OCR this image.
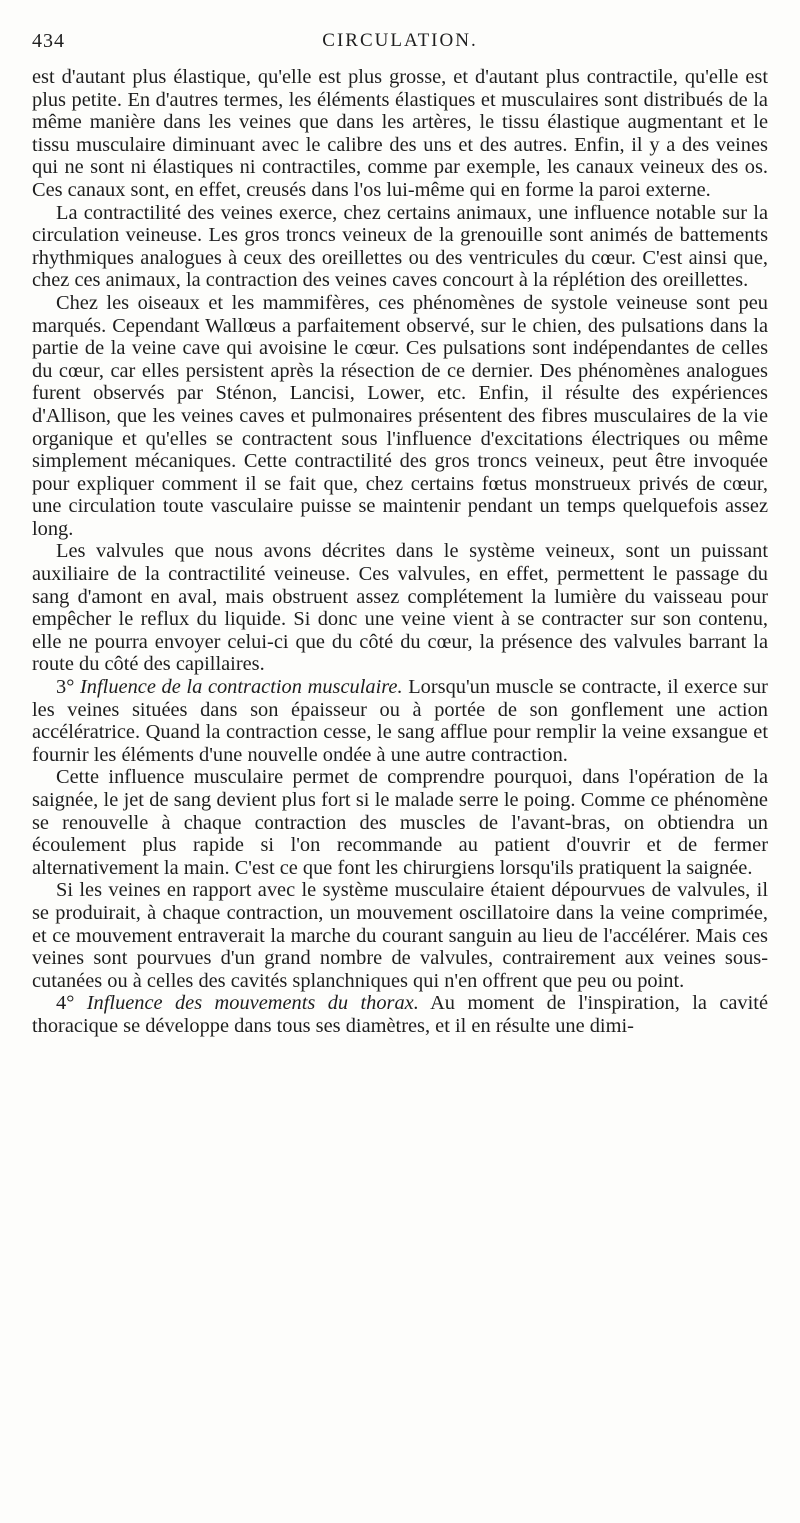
434	CIRCULATION.

est d'autant plus élastique, qu'elle est plus grosse, et d'autant plus contractile, qu'elle est plus petite. En d'autres termes, les éléments élastiques et musculaires sont distribués de la même manière dans les veines que dans les artères, le tissu élastique augmentant et le tissu musculaire diminuant avec le calibre des uns et des autres. Enfin, il y a des veines qui ne sont ni élastiques ni contractiles, comme par exemple, les canaux veineux des os. Ces canaux sont, en effet, creusés dans l'os lui-même qui en forme la paroi externe.

La contractilité des veines exerce, chez certains animaux, une influence notable sur la circulation veineuse. Les gros troncs veineux de la grenouille sont animés de battements rhythmiques analogues à ceux des oreillettes ou des ventricules du cœur. C'est ainsi que, chez ces animaux, la contraction des veines caves concourt à la réplétion des oreillettes.

Chez les oiseaux et les mammifères, ces phénomènes de systole veineuse sont peu marqués. Cependant Wallœus a parfaitement observé, sur le chien, des pulsations dans la partie de la veine cave qui avoisine le cœur. Ces pulsations sont indépendantes de celles du cœur, car elles persistent après la résection de ce dernier. Des phénomènes analogues furent observés par Sténon, Lancisi, Lower, etc. Enfin, il résulte des expériences d'Allison, que les veines caves et pulmonaires présentent des fibres musculaires de la vie organique et qu'elles se contractent sous l'influence d'excitations électriques ou même simplement mécaniques. Cette contractilité des gros troncs veineux, peut être invoquée pour expliquer comment il se fait que, chez certains fœtus monstrueux privés de cœur, une circulation toute vasculaire puisse se maintenir pendant un temps quelquefois assez long.

Les valvules que nous avons décrites dans le système veineux, sont un puissant auxiliaire de la contractilité veineuse. Ces valvules, en effet, permettent le passage du sang d'amont en aval, mais obstruent assez complétement la lumière du vaisseau pour empêcher le reflux du liquide. Si donc une veine vient à se contracter sur son contenu, elle ne pourra envoyer celui-ci que du côté du cœur, la présence des valvules barrant la route du côté des capillaires.

3° Influence de la contraction musculaire. Lorsqu'un muscle se contracte, il exerce sur les veines situées dans son épaisseur ou à portée de son gonflement une action accélératrice. Quand la contraction cesse, le sang afflue pour remplir la veine exsangue et fournir les éléments d'une nouvelle ondée à une autre contraction.

Cette influence musculaire permet de comprendre pourquoi, dans l'opération de la saignée, le jet de sang devient plus fort si le malade serre le poing. Comme ce phénomène se renouvelle à chaque contraction des muscles de l'avant-bras, on obtiendra un écoulement plus rapide si l'on recommande au patient d'ouvrir et de fermer alternativement la main. C'est ce que font les chirurgiens lorsqu'ils pratiquent la saignée.

Si les veines en rapport avec le système musculaire étaient dépourvues de valvules, il se produirait, à chaque contraction, un mouvement oscillatoire dans la veine comprimée, et ce mouvement entraverait la marche du courant sanguin au lieu de l'accélérer. Mais ces veines sont pourvues d'un grand nombre de valvules, contrairement aux veines sous-cutanées ou à celles des cavités splanchniques qui n'en offrent que peu ou point.

4° Influence des mouvements du thorax. Au moment de l'inspiration, la cavité thoracique se développe dans tous ses diamètres, et il en résulte une dimi-
